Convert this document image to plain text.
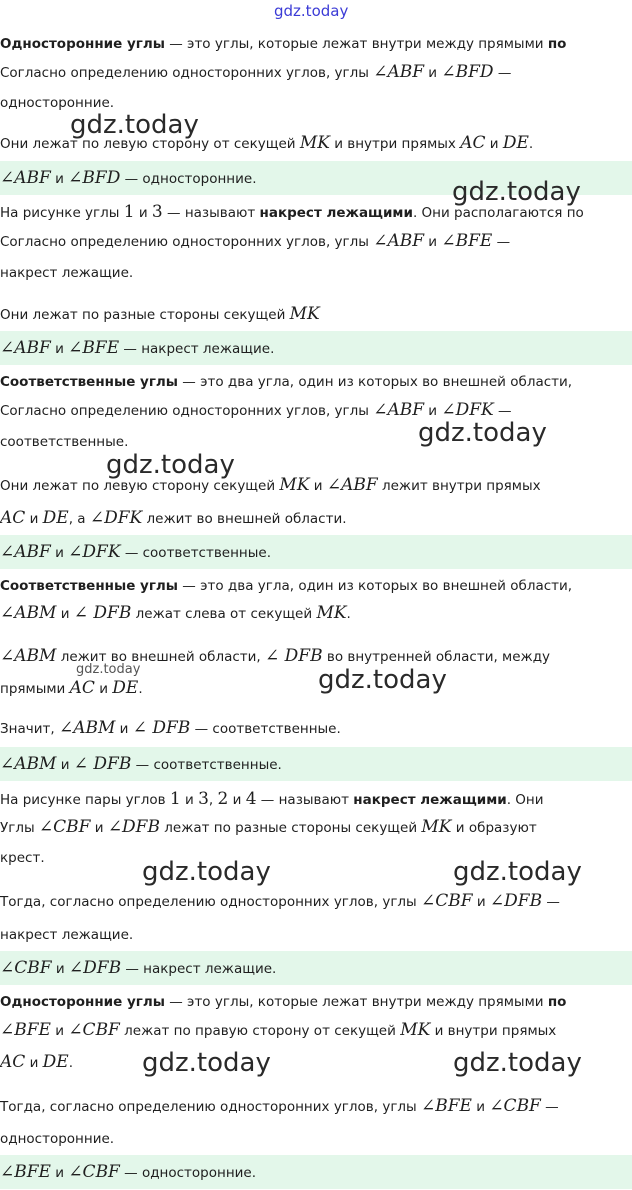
gdz.today
Односторонние углы — это углы, которые лежат внутри между прямыми по
Согласно определению односторонних углов, углы ∠ABF и ∠BFD —
односторонние.
Они лежат по левую сторону от секущей MK и внутри прямых AC и DE.
∠ABF и ∠BFD — односторонние.
На рисунке углы 1 и 3 — называют накрест лежащими. Они располагаются по
Согласно определению односторонних углов, углы ∠ABF и ∠BFE —
накрест лежащие.
Они лежат по разные стороны секущей MK
∠ABF и ∠BFE — накрест лежащие.
Соответственные углы — это два угла, один из которых во внешней области,
Согласно определению односторонних углов, углы ∠ABF и ∠DFK —
соответственные.
Они лежат по левую сторону секущей MK и ∠ABF лежит внутри прямых
AC и DE, а ∠DFK лежит во внешней области.
∠ABF и ∠DFK — соответственные.
Соответственные углы — это два угла, один из которых во внешней области,
∠ABM и ∠ DFB лежат слева от секущей MK.
∠ABM лежит во внешней области, ∠ DFB во внутренней области, между
прямыми AC и DE.
Значит, ∠ABM и ∠ DFB — соответственные.
∠ABM и ∠ DFB — соответственные.
На рисунке пары углов 1 и 3, 2 и 4 — называют накрест лежащими. Они
Углы ∠CBF и ∠DFB лежат по разные стороны секущей MK и образуют
крест.
Тогда, согласно определению односторонних углов, углы ∠CBF и ∠DFB —
накрест лежащие.
∠CBF и ∠DFB — накрест лежащие.
Односторонние углы — это углы, которые лежат внутри между прямыми по
∠BFE и ∠CBF лежат по правую сторону от секущей MK и внутри прямых
AC и DE.
Тогда, согласно определению односторонних углов, углы ∠BFE и ∠CBF —
односторонние.
∠BFE и ∠CBF — односторонние.
gdz.today
gdz.today
gdz.today
gdz.today
gdz.today	gdz.today
gdz.today	gdz.today
gdz.today	gdz.today
